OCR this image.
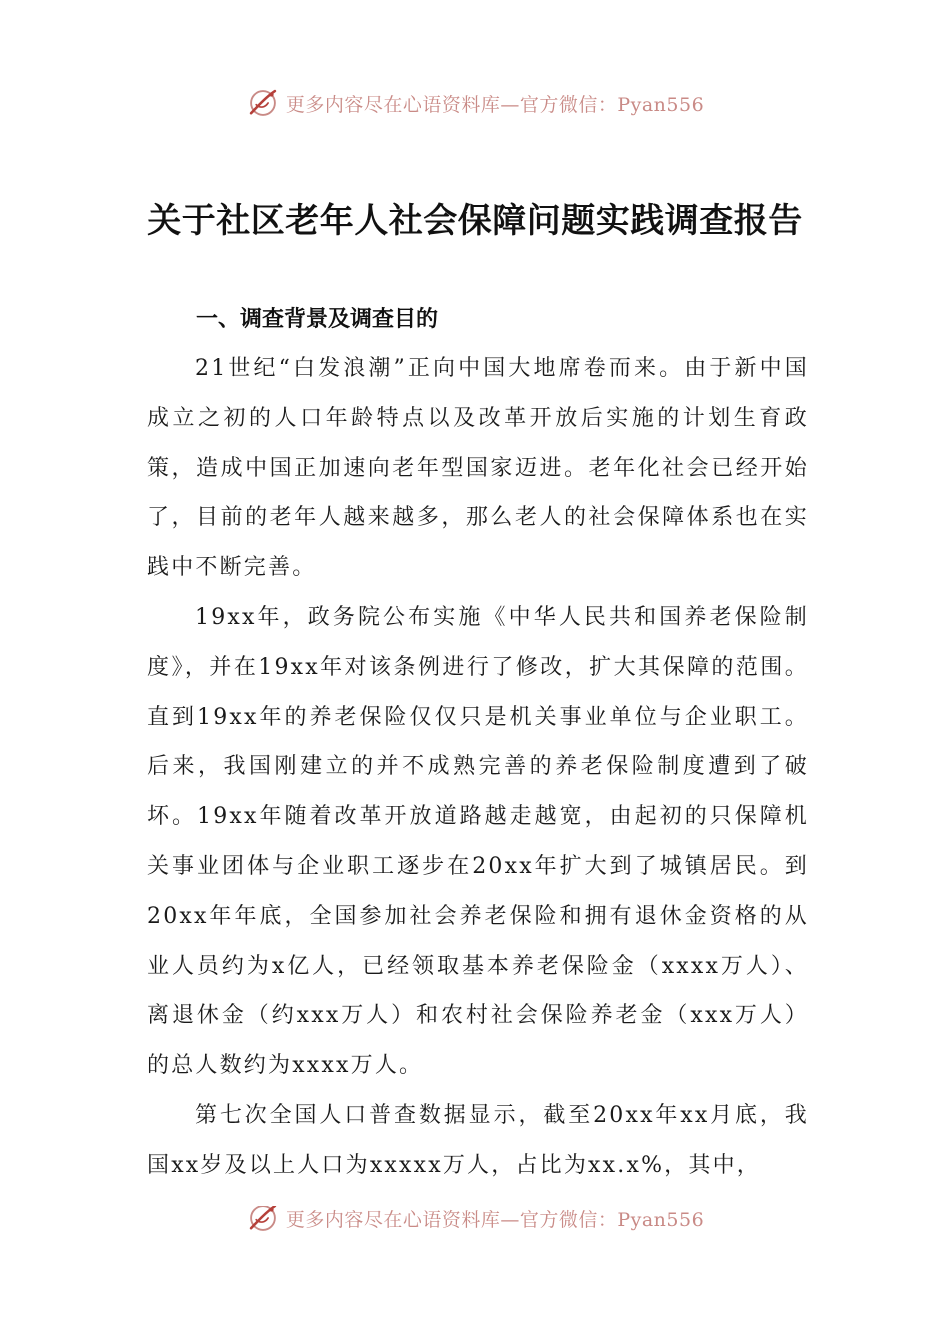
更多内容尽在心语资料库—官方微信：Pyan556
关于社区老年人社会保障问题实践调查报告
一、调查背景及调查目的

21世纪“白发浪潮”正向中国大地席卷而来。由于新中国成立之初的人口年龄特点以及改革开放后实施的计划生育政策，造成中国正加速向老年型国家迈进。老年化社会已经开始了，目前的老年人越来越多，那么老人的社会保障体系也在实践中不断完善。

19xx年，政务院公布实施《中华人民共和国养老保险制度》，并在19xx年对该条例进行了修改，扩大其保障的范围。直到19xx年的养老保险仅仅只是机关事业单位与企业职工。后来，我国刚建立的并不成熟完善的养老保险制度遭到了破坏。19xx年随着改革开放道路越走越宽，由起初的只保障机关事业团体与企业职工逐步在20xx年扩大到了城镇居民。到20xx年年底，全国参加社会养老保险和拥有退休金资格的从业人员约为x亿人，已经领取基本养老保险金（xxxx万人）、离退休金（约xxx万人）和农村社会保险养老金（xxx万人）的总人数约为xxxx万人。

第七次全国人口普查数据显示，截至20xx年xx月底，我国xx岁及以上人口为xxxxx万人，占比为xx.x%，其中，

更多内容尽在心语资料库—官方微信：Pyan556
